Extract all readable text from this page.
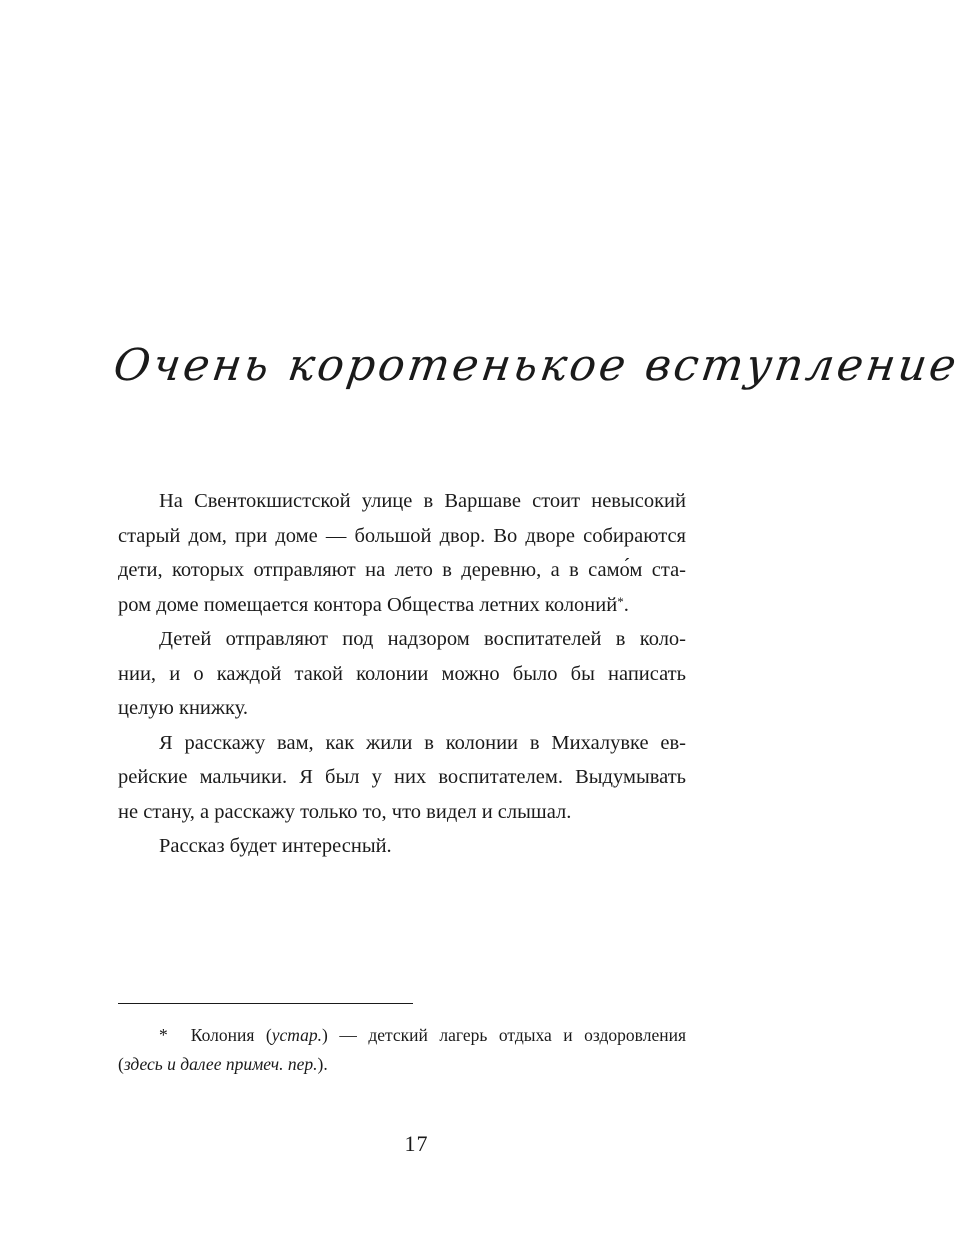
Очень коротенькое вступление
На Свентокшистской улице в Варшаве стоит невысокий
старый дом, при доме — большой двор. Во дворе собираются
дети, которых отправляют на лето в деревню, а в само́м ста-
ром доме помещается контора Общества летних колоний*.
Детей отправляют под надзором воспитателей в коло-
нии, и о каждой такой колонии можно было бы написать
целую книжку.
Я расскажу вам, как жили в колонии в Михалувке ев-
рейские мальчики. Я был у них воспитателем. Выдумывать
не стану, а расскажу только то, что видел и слышал.
Рассказ будет интересный.
* Колония (устар.) — детский лагерь отдыха и оздоровления
(здесь и далее примеч. пер.).
17
